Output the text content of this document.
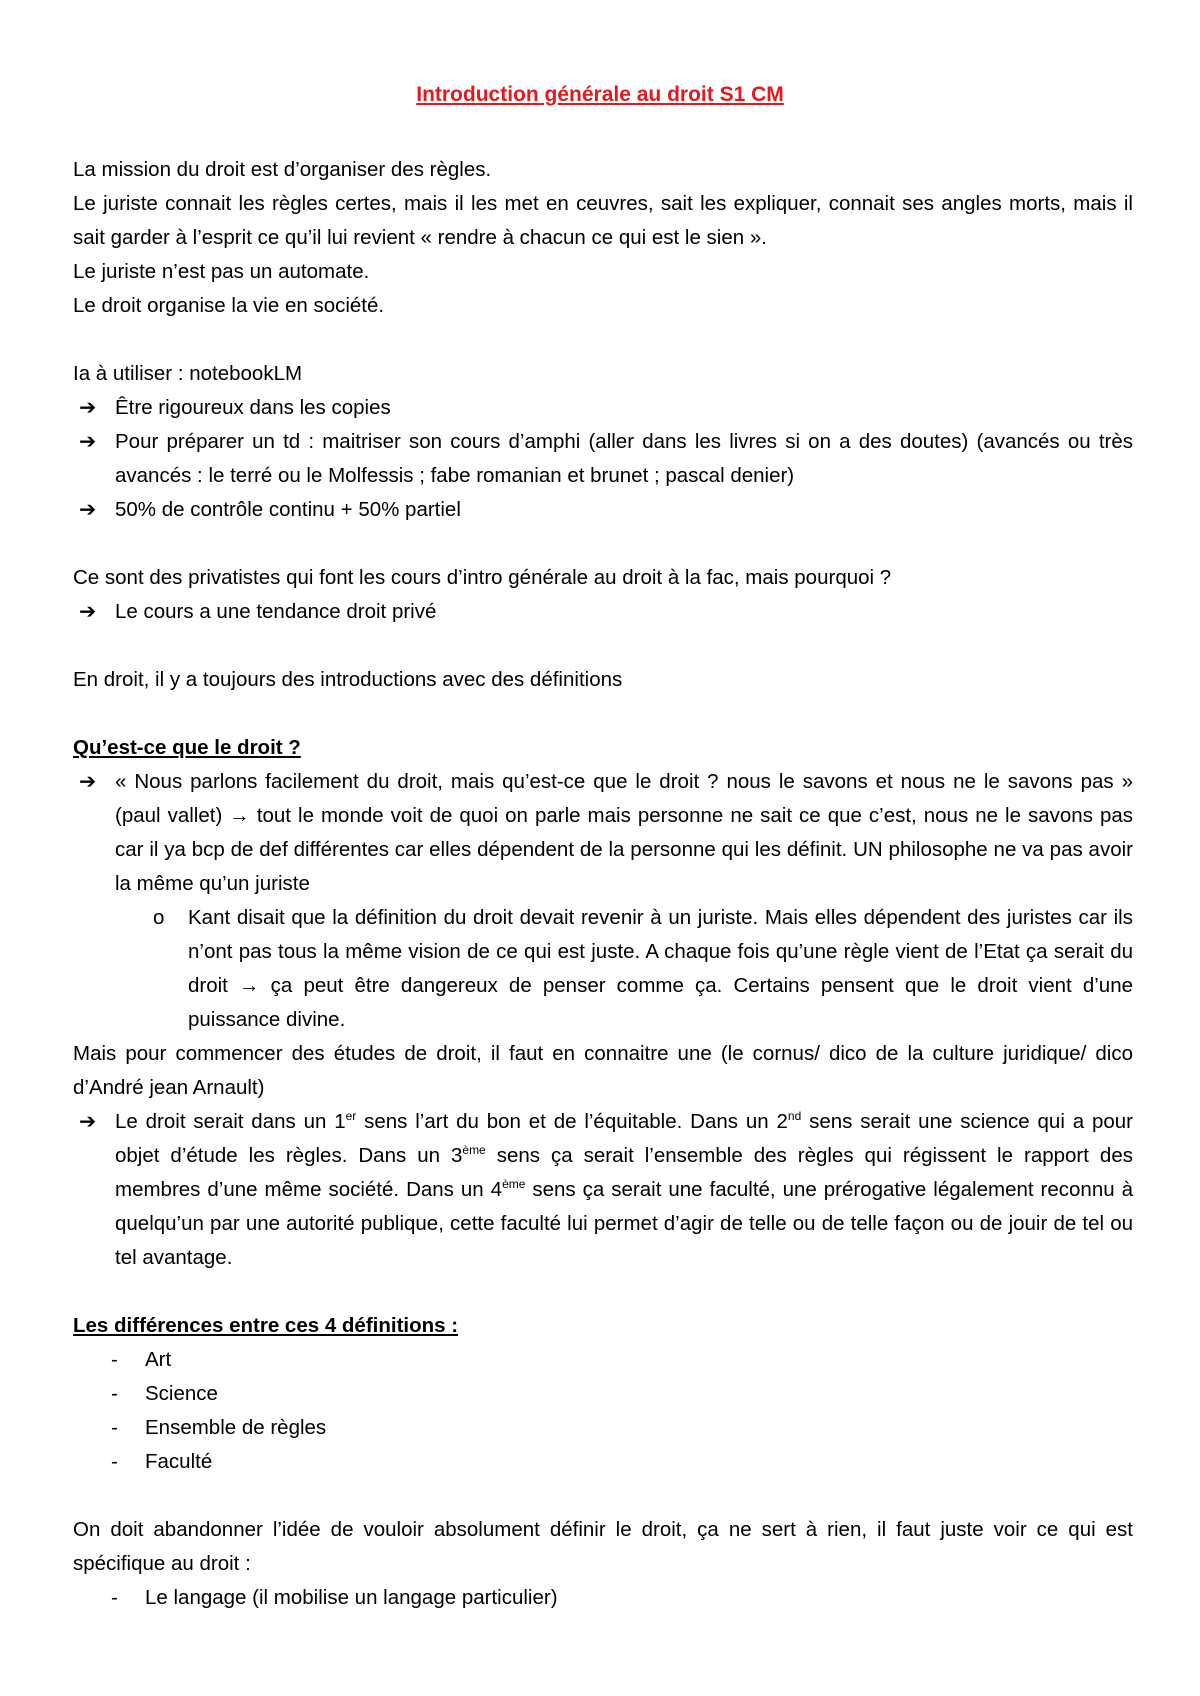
Introduction générale au droit S1 CM
La mission du droit est d’organiser des règles.
Le juriste connait les règles certes, mais il les met en ceuvres, sait les expliquer, connait ses angles morts, mais il sait garder à l’esprit ce qu’il lui revient « rendre à chacun ce qui est le sien ».
Le juriste n’est pas un automate.
Le droit organise la vie en société.
Ia à utiliser : notebookLM
➔ Être rigoureux dans les copies
➔ Pour préparer un td : maitriser son cours d’amphi (aller dans les livres si on a des doutes) (avancés ou très avancés : le terré ou le Molfessis ; fabe romanian et brunet ; pascal denier)
➔ 50% de contrôle continu + 50% partiel
Ce sont des privatistes qui font les cours d’intro générale au droit à la fac, mais pourquoi ?
➔ Le cours a une tendance droit privé
En droit, il y a toujours des introductions avec des définitions
Qu’est-ce que le droit ?
➔ « Nous parlons facilement du droit, mais qu’est-ce que le droit ? nous le savons et nous ne le savons pas » (paul vallet) → tout le monde voit de quoi on parle mais personne ne sait ce que c’est, nous ne le savons pas car il ya bcp de def différentes car elles dépendent de la personne qui les définit. UN philosophe ne va pas avoir la même qu’un juriste
o Kant disait que la définition du droit devait revenir à un juriste. Mais elles dépendent des juristes car ils n’ont pas tous la même vision de ce qui est juste. A chaque fois qu’une règle vient de l’Etat ça serait du droit → ça peut être dangereux de penser comme ça. Certains pensent que le droit vient d’une puissance divine.
Mais pour commencer des études de droit, il faut en connaitre une (le cornus/ dico de la culture juridique/ dico d’André jean Arnault)
➔ Le droit serait dans un 1er sens l’art du bon et de l’équitable. Dans un 2nd sens serait une science qui a pour objet d’étude les règles. Dans un 3ème sens ça serait l’ensemble des règles qui régissent le rapport des membres d’une même société. Dans un 4ème sens ça serait une faculté, une prérogative légalement reconnu à quelqu’un par une autorité publique, cette faculté lui permet d’agir de telle ou de telle façon ou de jouir de tel ou tel avantage.
Les différences entre ces 4 définitions :
- Art
- Science
- Ensemble de règles
- Faculté
On doit abandonner l’idée de vouloir absolument définir le droit, ça ne sert à rien, il faut juste voir ce qui est spécifique au droit :
- Le langage (il mobilise un langage particulier)
